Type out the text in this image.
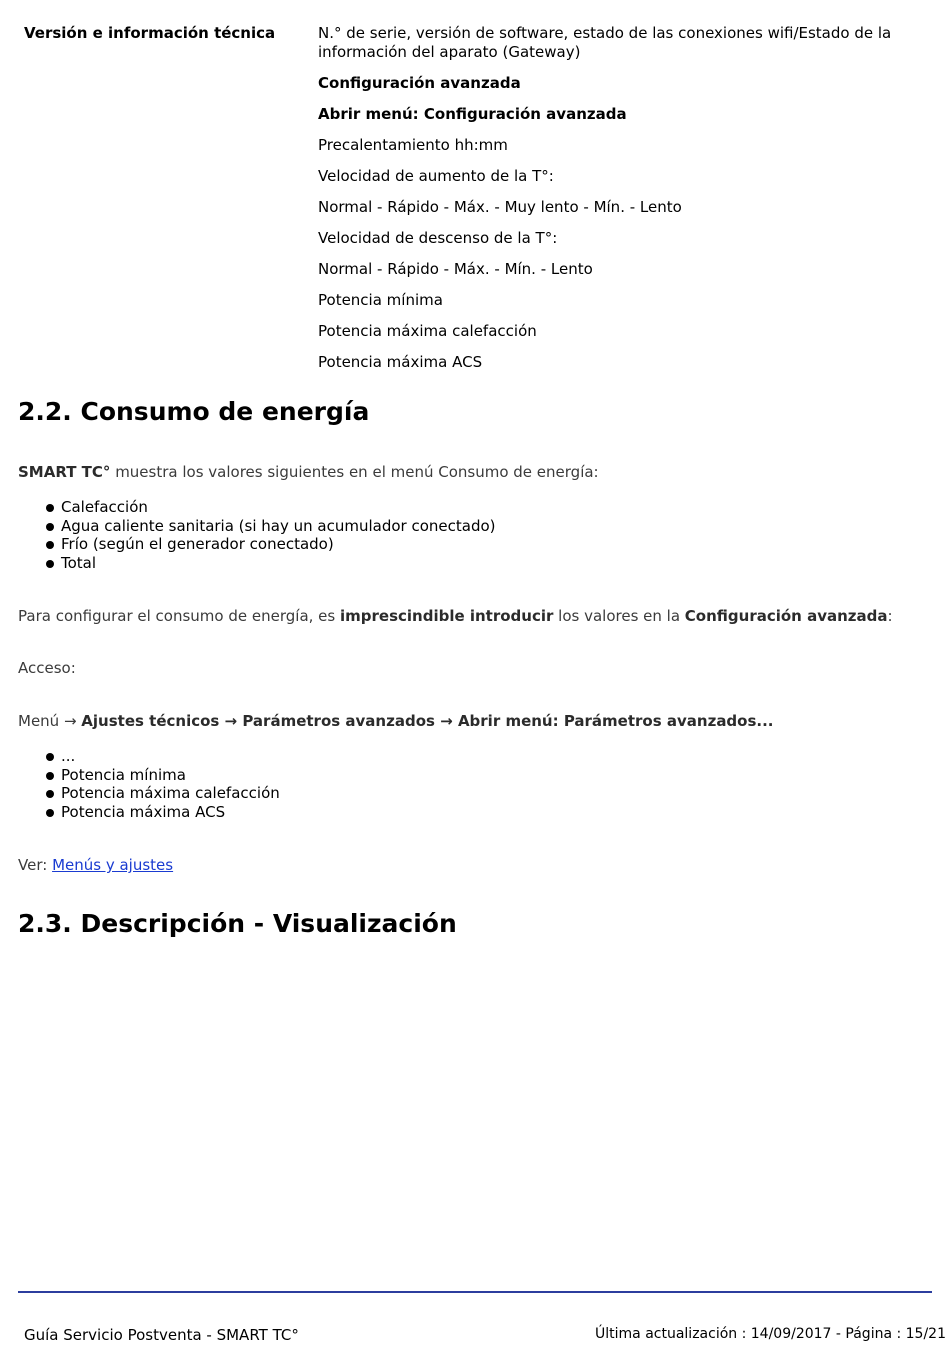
Versión e información técnica	N.° de serie, versión de software, estado de las conexiones wifi/Estado de la información del aparato (Gateway)

Configuración avanzada

Abrir menú: Configuración avanzada

Precalentamiento hh:mm

Velocidad de aumento de la T°:

Normal - Rápido - Máx. - Muy lento - Mín. - Lento

Velocidad de descenso de la T°:

Normal - Rápido - Máx. - Mín. - Lento

Potencia mínima

Potencia máxima calefacción

Potencia máxima ACS

2.2. Consumo de energía

SMART TC° muestra los valores siguientes en el menú Consumo de energía:

Calefacción
Agua caliente sanitaria (si hay un acumulador conectado)
Frío (según el generador conectado)
Total

Para configurar el consumo de energía, es imprescindible introducir los valores en la Configuración avanzada:

Acceso:

Menú → Ajustes técnicos → Parámetros avanzados → Abrir menú: Parámetros avanzados...

...
Potencia mínima
Potencia máxima calefacción
Potencia máxima ACS

Ver: Menús y ajustes

2.3. Descripción - Visualización
Guía Servicio Postventa - SMART TC°	Última actualización : 14/09/2017 - Página : 15/21
